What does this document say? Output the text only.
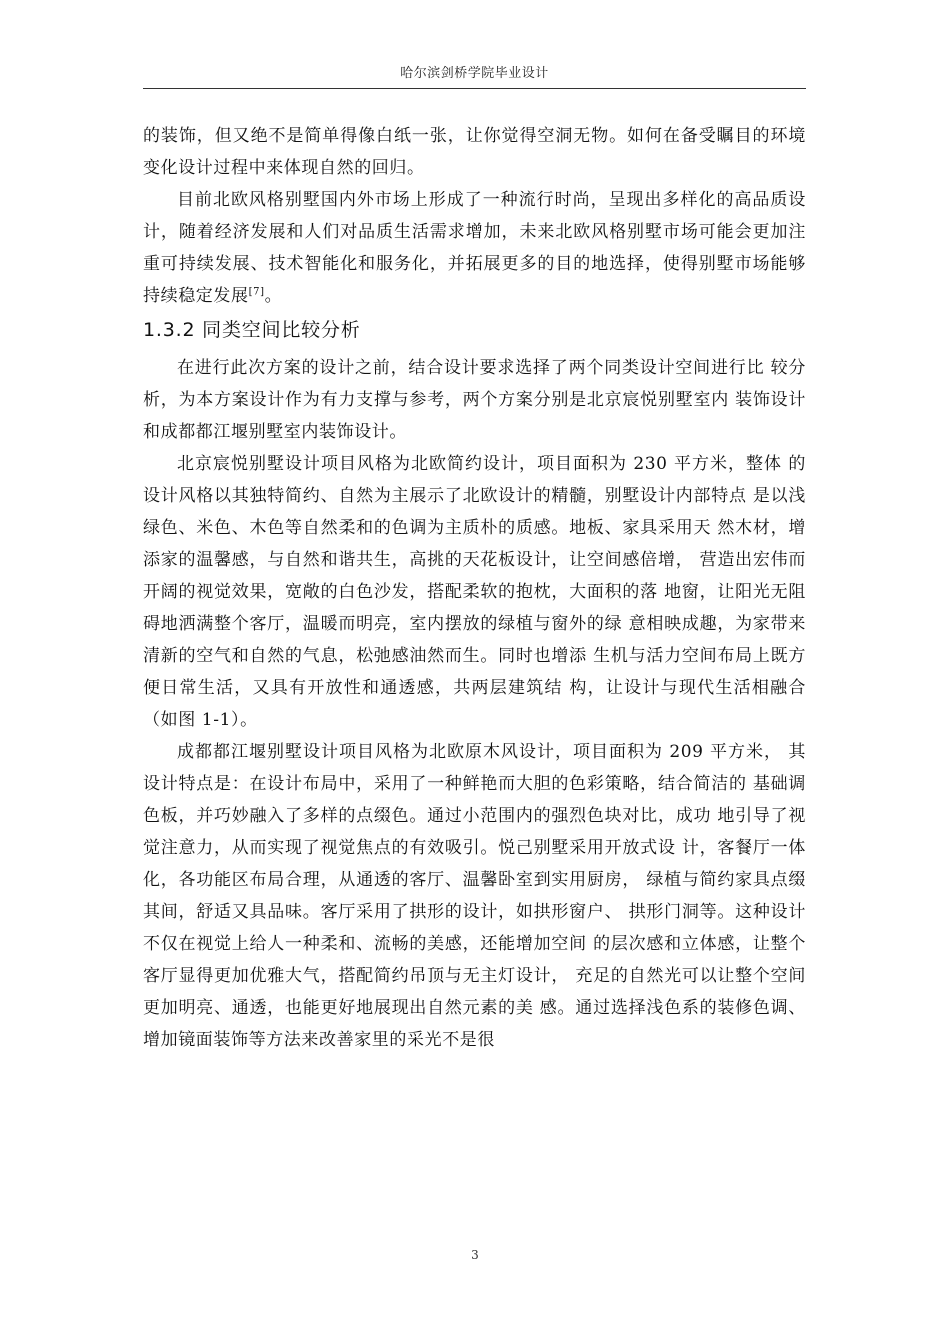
哈尔滨剑桥学院毕业设计

的装饰，但又绝不是简单得像白纸一张，让你觉得空洞无物。如何在备受瞩目的环境变化设计过程中来体现自然的回归。

目前北欧风格别墅国内外市场上形成了一种流行时尚，呈现出多样化的高品质设计，随着经济发展和人们对品质生活需求增加，未来北欧风格别墅市场可能会更加注重可持续发展、技术智能化和服务化，并拓展更多的目的地选择，使得别墅市场能够持续稳定发展[7]。

1.3.2 同类空间比较分析

在进行此次方案的设计之前，结合设计要求选择了两个同类设计空间进行比 较分析，为本方案设计作为有力支撑与参考，两个方案分别是北京宸悦别墅室内 装饰设计和成都都江堰别墅室内装饰设计。

北京宸悦别墅设计项目风格为北欧简约设计，项目面积为 230 平方米，整体 的设计风格以其独特简约、自然为主展示了北欧设计的精髓，别墅设计内部特点 是以浅绿色、米色、木色等自然柔和的色调为主质朴的质感。地板、家具采用天 然木材，增添家的温馨感，与自然和谐共生，高挑的天花板设计，让空间感倍增， 营造出宏伟而开阔的视觉效果，宽敞的白色沙发，搭配柔软的抱枕，大面积的落 地窗，让阳光无阻碍地洒满整个客厅，温暖而明亮，室内摆放的绿植与窗外的绿 意相映成趣，为家带来清新的空气和自然的气息，松弛感油然而生。同时也增添 生机与活力空间布局上既方便日常生活，又具有开放性和通透感，共两层建筑结 构，让设计与现代生活相融合（如图 1-1）。

成都都江堰别墅设计项目风格为北欧原木风设计，项目面积为 209 平方米， 其设计特点是：在设计布局中，采用了一种鲜艳而大胆的色彩策略，结合简洁的 基础调色板，并巧妙融入了多样的点缀色。通过小范围内的强烈色块对比，成功 地引导了视觉注意力，从而实现了视觉焦点的有效吸引。悦己别墅采用开放式设 计，客餐厅一体化，各功能区布局合理，从通透的客厅、温馨卧室到实用厨房， 绿植与简约家具点缀其间，舒适又具品味。客厅采用了拱形的设计，如拱形窗户、 拱形门洞等。这种设计不仅在视觉上给人一种柔和、流畅的美感，还能增加空间 的层次感和立体感，让整个客厅显得更加优雅大气，搭配简约吊顶与无主灯设计， 充足的自然光可以让整个空间更加明亮、通透，也能更好地展现出自然元素的美 感。通过选择浅色系的装修色调、增加镜面装饰等方法来改善家里的采光不是很

3
